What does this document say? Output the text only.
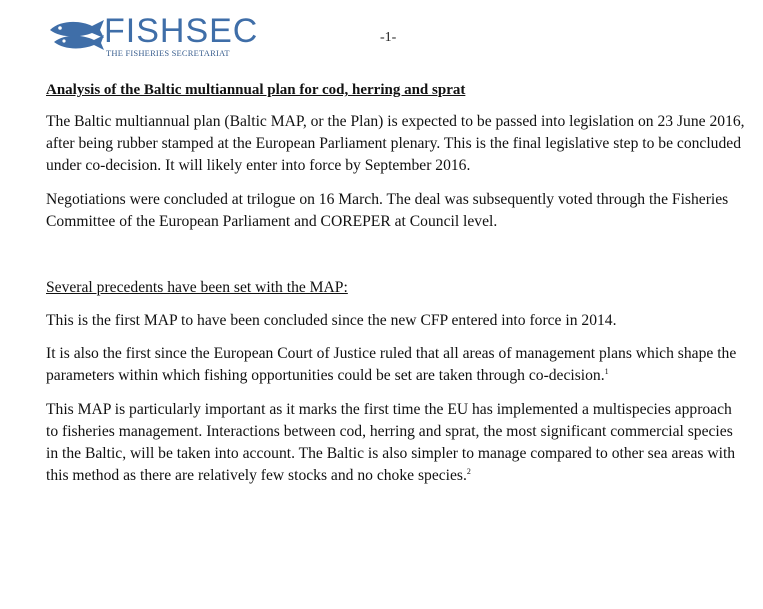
FISHSEC
THE FISHERIES SECRETARIAT
-1-
Analysis of the Baltic multiannual plan for cod, herring and sprat

The Baltic multiannual plan (Baltic MAP, or the Plan) is expected to be passed into legislation on 23 June 2016, after being rubber stamped at the European Parliament plenary. This is the final legislative step to be concluded under co-decision. It will likely enter into force by September 2016.

Negotiations were concluded at trilogue on 16 March. The deal was subsequently voted through the Fisheries Committee of the European Parliament and COREPER at Council level.

Several precedents have been set with the MAP:

This is the first MAP to have been concluded since the new CFP entered into force in 2014.

It is also the first since the European Court of Justice ruled that all areas of management plans which shape the parameters within which fishing opportunities could be set are taken through co-decision.$^1$

This MAP is particularly important as it marks the first time the EU has implemented a multispecies approach to fisheries management. Interactions between cod, herring and sprat, the most significant commercial species in the Baltic, will be taken into account. The Baltic is also simpler to manage compared to other sea areas with this method as there are relatively few stocks and no choke species.$^2$
